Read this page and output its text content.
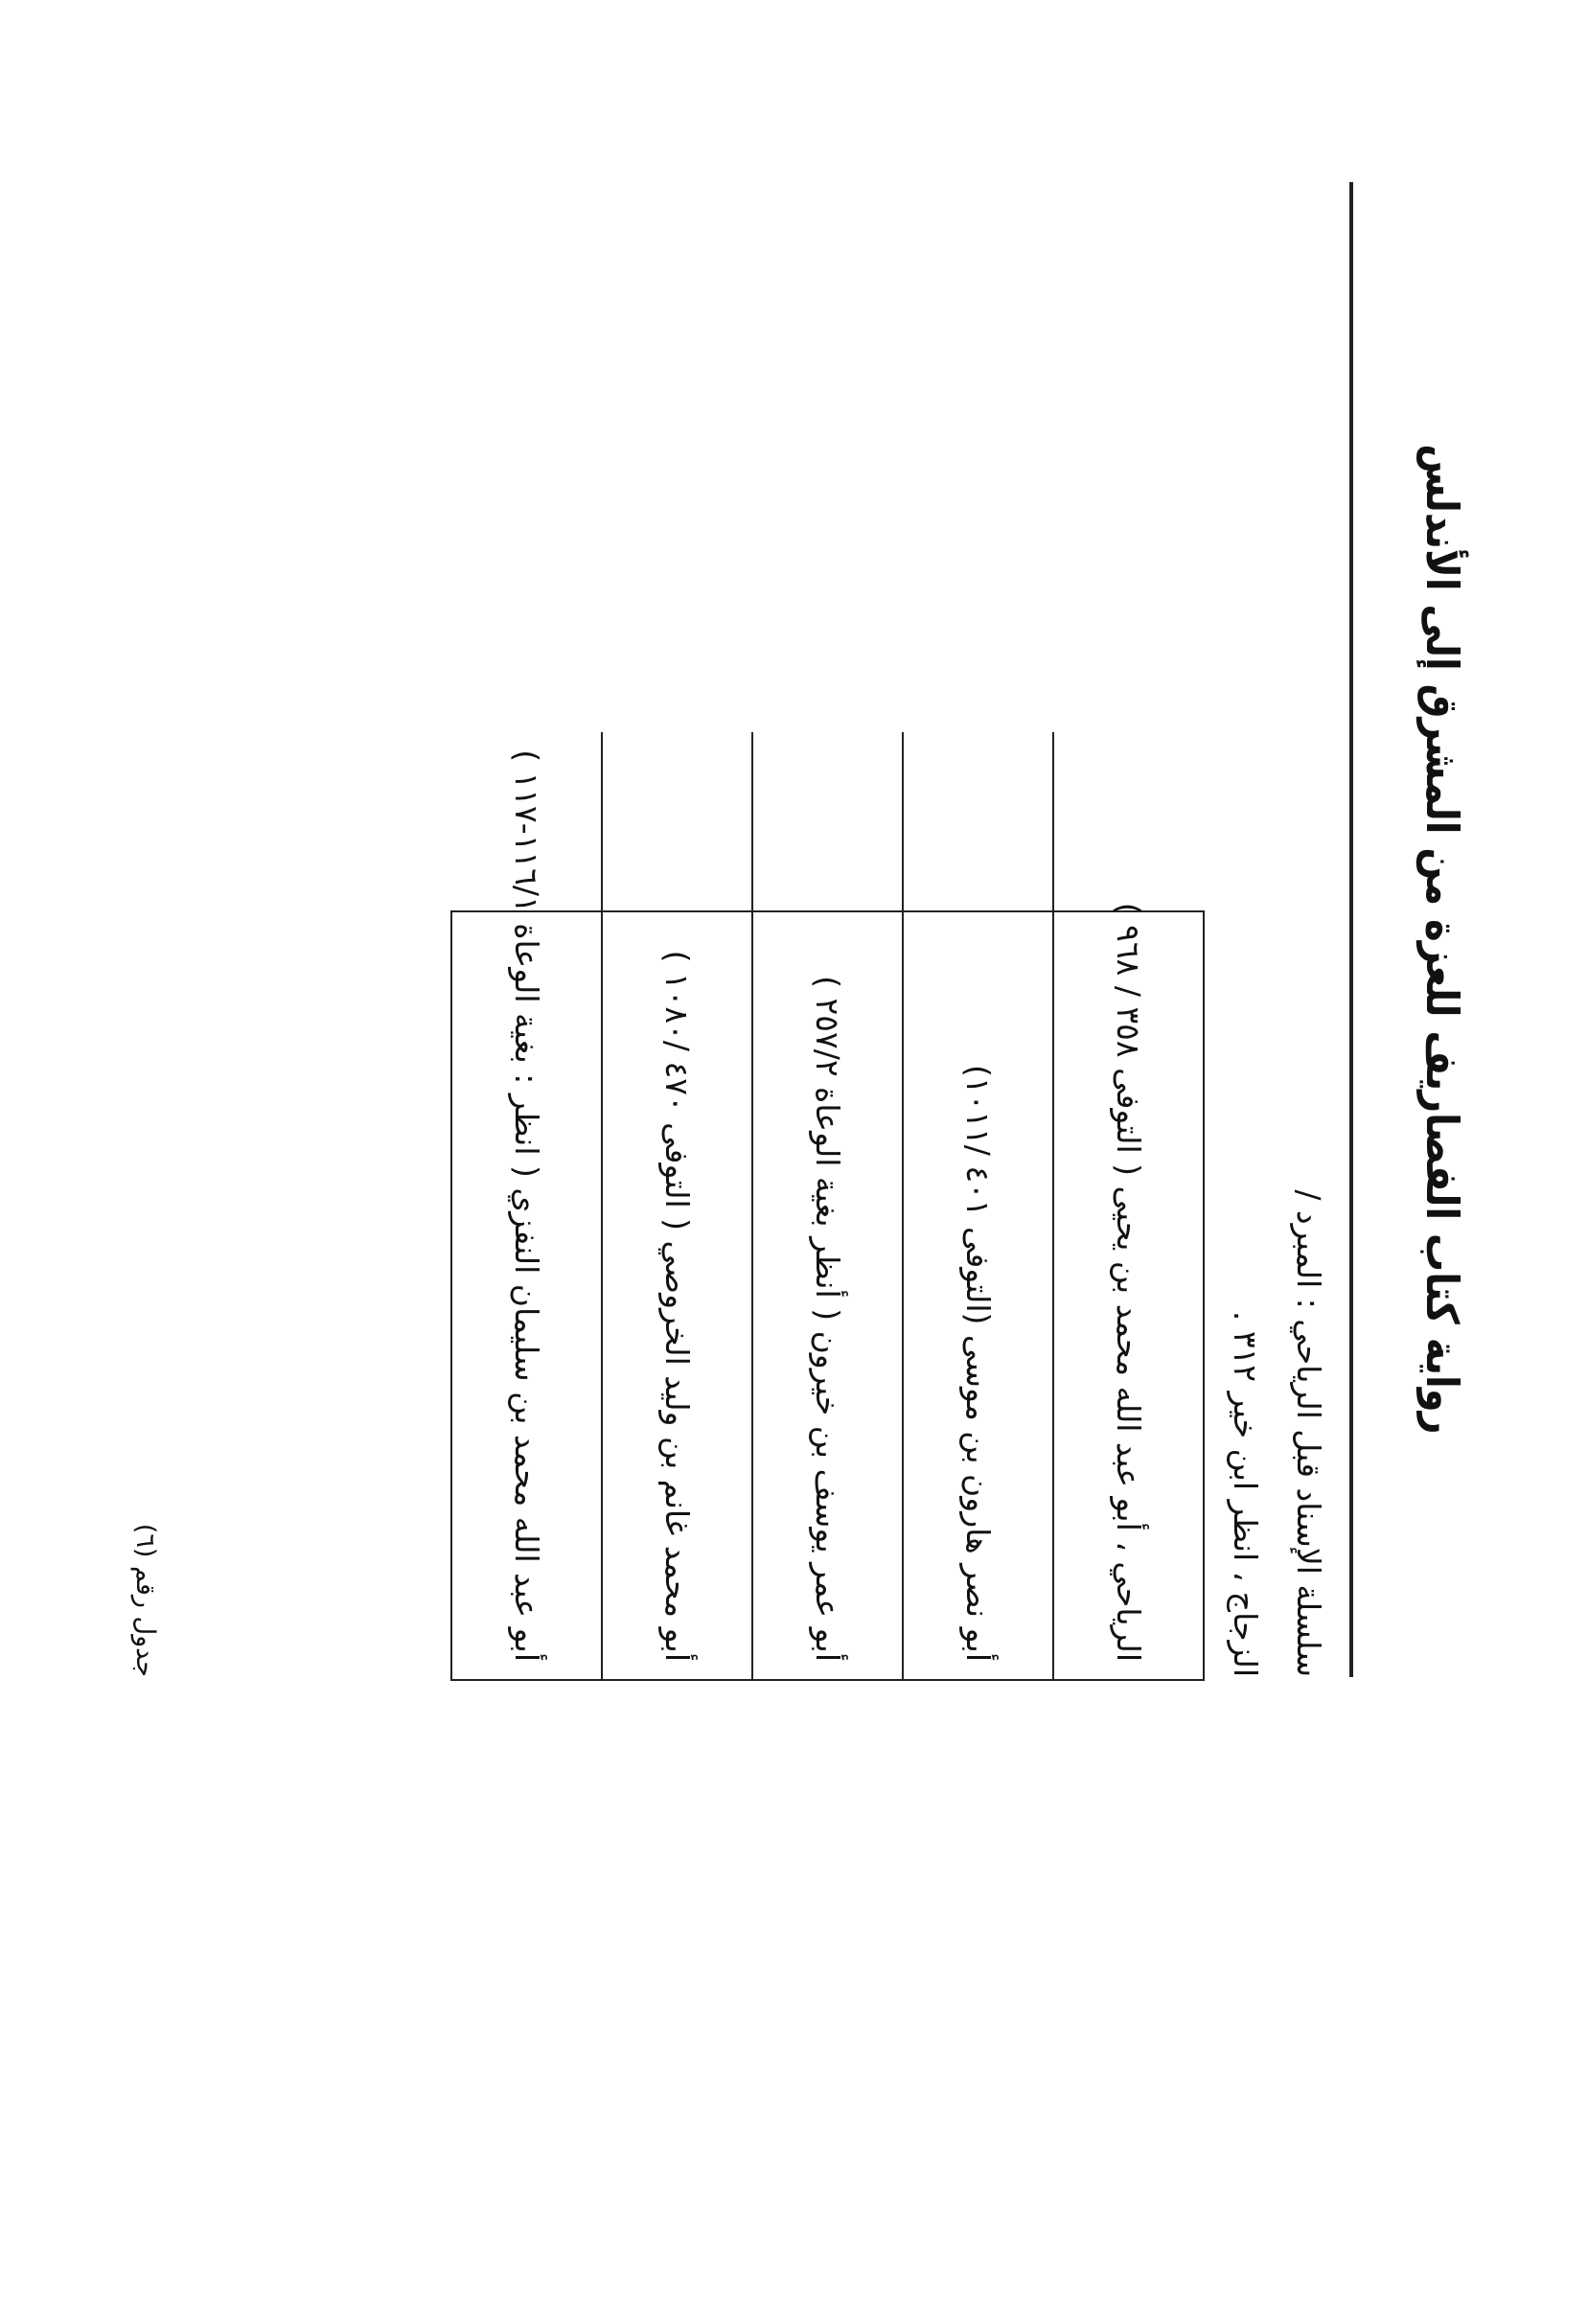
رواية كتاب الفصاريف للعزة من المشرق إلى الأندلس
سلسلة الإسناد قبل الرياحي : المبرد /
الزجاج ، انظر ابن خير ٣١٢ .
الرياحي ، أبو عبد الله محمد بن يحيى ( التوفى ٣٥٨ / ٩٦٨ )
أبو نصر هارون بن موسى (التوفى ٤٠١ /١٠١١)
أبو عمر يوسف بن خيرون ( أنظر بغية الوعاة ٢٥٧/٢ )
أبو محمد غانم بن وليد الخروصي ( التوفى ٤٧٠ /١٠٨٠ )
أبو عبد الله محمد بن سليمان النفزي ( انظر : بغية الوعاة ١١٦/١-١١٧ )
جدول رقم (٦)
